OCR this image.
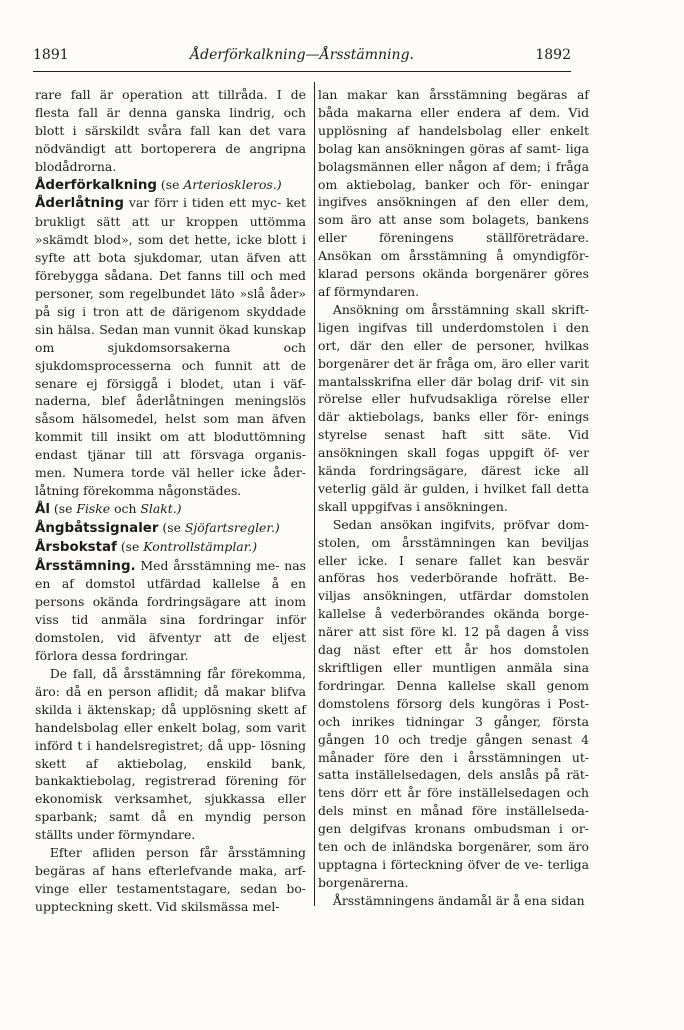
1891	Åderförkalkning—Årsstämning.	1892

rare fall är operation att tillråda. I de flesta fall är denna ganska lindrig, och blott i särskildt svåra fall kan det vara nödvändigt att bortoperera de angripna blodådrorna.

Åderförkalkning (se Arterioskleros.)

Åderlåtning var förr i tiden ett myc- ket brukligt sätt att ur kroppen uttömma »skämdt blod», som det hette, icke blott i syfte att bota sjukdomar, utan äfven att förebygga sådana. Det fanns till och med personer, som regelbundet läto »slå åder» på sig i tron att de därigenom skyddade sin hälsa. Sedan man vunnit ökad kunskap om sjukdomsorsakerna och sjukdomsprocesserna och funnit att de senare ej försiggå i blodet, utan i väf- naderna, blef åderlåtningen meningslös såsom hälsomedel, helst som man äfven kommit till insikt om att bloduttömning endast tjänar till att försvaga organis- men. Numera torde väl heller icke åder- låtning förekomma någonstädes.

Ål (se Fiske och Slakt.)

Ångbåtssignaler (se Sjöfartsregler.)

Årsbokstaf (se Kontrollstämplar.)

Årsstämning. Med årsstämning me- nas en af domstol utfärdad kallelse å en persons okända fordringsägare att inom viss tid anmäla sina fordringar inför domstolen, vid äfventyr att de eljest förlora dessa fordringar.

De fall, då årsstämning får förekomma, äro: då en person aflidit; då makar blifva skilda i äktenskap; då upplösning skett af handelsbolag eller enkelt bolag, som varit införd t i handelsregistret; då upp- lösning skett af aktiebolag, enskild bank, bankaktiebolag, registrerad förening för ekonomisk verksamhet, sjukkassa eller sparbank; samt då en myndig person ställts under förmyndare.

Efter afliden person får årsstämning begäras af hans efterlefvande maka, arf- vinge eller testamentstagare, sedan bo- uppteckning skett. Vid skilsmässa mel-

lan makar kan årsstämning begäras af båda makarna eller endera af dem. Vid upplösning af handelsbolag eller enkelt bolag kan ansökningen göras af samt- liga bolagsmännen eller någon af dem; i fråga om aktiebolag, banker och för- eningar ingifves ansökningen af den eller dem, som äro att anse som bolagets, bankens eller föreningens ställföreträdare. Ansökan om årsstämning å omyndigför- klarad persons okända borgenärer göres af förmyndaren.

Ansökning om årsstämning skall skrift- ligen ingifvas till underdomstolen i den ort, där den eller de personer, hvilkas borgenärer det är fråga om, äro eller varit mantalsskrifna eller där bolag drif- vit sin rörelse eller hufvudsakliga rörelse eller där aktiebolags, banks eller för- enings styrelse senast haft sitt säte. Vid ansökningen skall fogas uppgift öf- ver kända fordringsägare, därest icke all veterlig gäld är gulden, i hvilket fall detta skall uppgifvas i ansökningen.

Sedan ansökan ingifvits, pröfvar dom- stolen, om årsstämningen kan beviljas eller icke. I senare fallet kan besvär anföras hos vederbörande hofrätt. Be- viljas ansökningen, utfärdar domstolen kallelse å vederbörandes okända borge- närer att sist före kl. 12 på dagen å viss dag näst efter ett år hos domstolen skriftligen eller muntligen anmäla sina fordringar. Denna kallelse skall genom domstolens försorg dels kungöras i Post- och inrikes tidningar 3 gånger, första gången 10 och tredje gången senast 4 månader före den i årsstämningen ut- satta inställelsedagen, dels anslås på rät- tens dörr ett år före inställelsedagen och dels minst en månad före inställelseda- gen delgifvas kronans ombudsman i or- ten och de inländska borgenärer, som äro upptagna i förteckning öfver de ve- terliga borgenärerna.

Årsstämningens ändamål är å ena sidan
